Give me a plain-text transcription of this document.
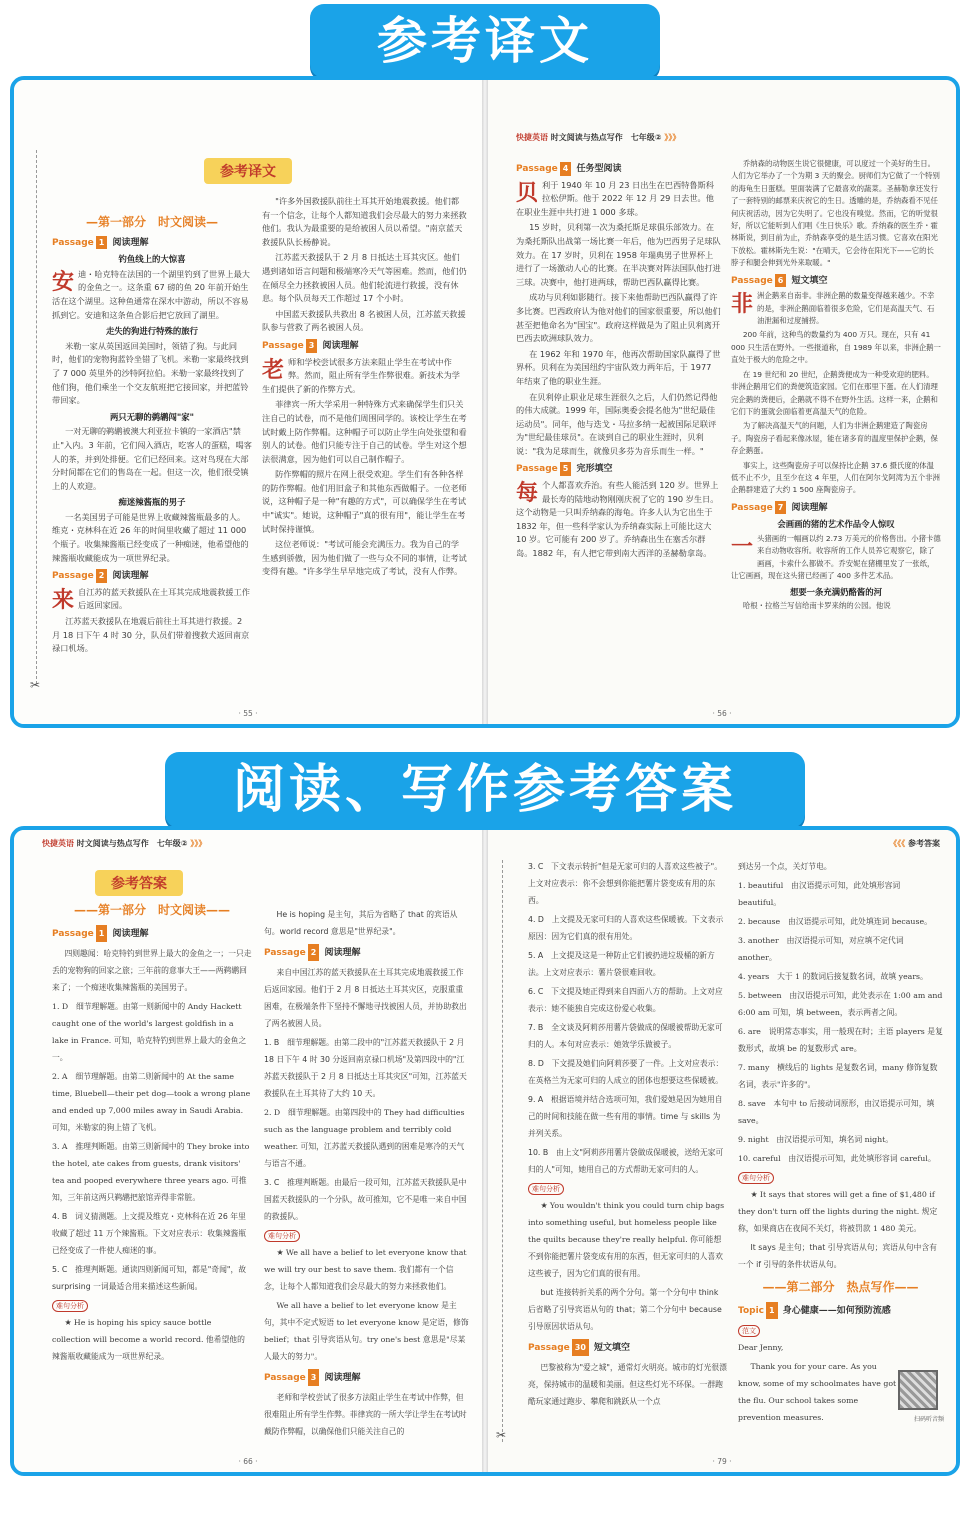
参考译文
✂
参考译文
—第一部分　时文阅读—
Passage 1 阅读理解
钓鱼线上的大惊喜

安迪・哈克特在法国的一个湖里钓到了世界上最大的金鱼之一。这条重 67 磅的鱼 20 年前开始生活在这个湖里。这种鱼通常在深水中游动，所以不容易抓到它。安迪和这条鱼合影后把它放回了湖里。

走失的狗进行特殊的旅行

米勒一家从英国返回美国时，领错了狗。与此同时，他们的宠物狗蓝铃坐错了飞机。米勒一家最终找到了 7 000 英里外的沙特阿拉伯。米勒一家最终找到了他们狗，他们乘坐一个交友航班把它接回家，并把蓝铃带回家。

两只无聊的鹈鹕闯"家"

一对无聊的鹈鹕被澳大利亚拉卡镇的一家酒店"禁止"入内。3 年前，它们闯入酒店，吃客人的蛋糕，喝客人的茶，并到处排便。它们已经回来。这对鸟现在大部分时间都在它们的售岛在一起。但这一次，他们很受镇上的人欢迎。

痴迷辣酱瓶的男子

一名美国男子可能是世界上收藏辣酱瓶最多的人。维克・克林科在近 26 年的时间里收藏了超过 11 000 个瓶子。收集辣酱瓶已经变成了一种痴迷，他希望他的辣酱瓶收藏能成为一项世界纪录。

Passage 2 阅读理解

来自江苏的蓝天救援队在土耳其完成地震救援工作后返回家园。

江苏蓝天救援队在地震后前往土耳其进行救援。2 月 18 日下午 4 时 30 分，队员们带着搜救犬返回南京禄口机场。

"许多外国救援队前往土耳其开始地震救援。他们都有一个信念，让每个人都知道我们会尽最大的努力来拯救他们。我认为最重要的是给被困人员以希望。"南京蓝天救援队队长杨静说。

江苏蓝天救援队于 2 月 8 日抵达土耳其灾区。他们遇到诸如语言问题和极端寒冷天气等困难。然而，他们仍在倾尽全力拯救被困人员。他们轮流进行救援，没有休息。每个队员每天工作超过 17 个小时。

中国蓝天救援队共救出 8 名被困人员，江苏蓝天救援队参与营救了两名被困人员。

Passage 3 阅读理解

老师和学校尝试很多方法来阻止学生在考试中作弊。然而，阻止所有学生作弊很难。新技术为学生们提供了新的作弊方式。

菲律宾一所大学采用一种特殊方式来确保学生们只关注自己的试卷，而不是他们周围同学的。该校让学生在考试时戴上防作弊帽。这种帽子可以防止学生向处张望和看别人的试卷。他们只能专注于自己的试卷。学生对这个想法很满意，因为他们可以自己制作帽子。

防作弊帽的照片在网上很受欢迎。学生们有各种各样的防作弊帽。他们用旧盒子和其他东西做帽子。一位老师说，这种帽子是一种"有趣的方式"，可以确保学生在考试中"诚实"。她说，这种帽子"真的很有用"，能让学生在考试时保持谨慎。

这位老师说："考试可能会充满压力。我为自己的学生感到骄傲，因为他们做了一些与众不同的事情，让考试变得有趣。"许多学生早早地完成了考试，没有人作弊。

· 55 ·
快捷英语 时文阅读与热点写作　七年级② 》》》
Passage 4 任务型阅读

贝利于 1940 年 10 月 23 日出生在巴西特鲁斯科拉松伊斯。他于 2022 年 12 月 29 日去世。他在职业生涯中共打进 1 000 多球。

15 岁时，贝利第一次为桑托斯足球俱乐部效力。在为桑托斯队出战第一场比赛一年后，他为巴西男子足球队效力。在 17 岁时，贝利在 1958 年瑞典男子世界杯上进行了一场激动人心的比赛。在半决赛对阵法国队他打进三球。决赛中，他打进两球，帮助巴西队赢得比赛。

成功与贝利如影随行。接下来他帮助巴西队赢得了许多比赛。巴西政府认为他对他们的国家很重要，所以他们甚至把他命名为"国宝"。政府这样做是为了阻止贝利离开巴西去欧洲球队效力。

在 1962 年和 1970 年，他再次帮助国家队赢得了世界杯。贝利在为美国纽约宇宙队效力两年后，于 1977 年结束了他的职业生涯。

在贝利停止职业足球生涯很久之后，人们仍然记得他的伟大成就。1999 年，国际奥委会提名他为"世纪最佳运动员"。同年，他与迭戈・马拉多纳一起被国际足联评为"世纪最佳球员"。在谈到自己的职业生涯时，贝利说："我为足球而生，就像贝多芬为音乐而生一样。"

Passage 5 完形填空

每个人都喜欢乔治。有些人能活到 120 岁。世界上最长寿的陆地动物刚刚庆祝了它的 190 岁生日。这个动物是一只叫乔纳森的海龟。许多人认为它出生于 1832 年，但一些科学家认为乔纳森实际上可能比这大 10 岁。它可能有 200 岁了。乔纳森出生在塞舌尔群岛。1882 年，有人把它带到南大西洋的圣赫勒拿岛。

乔纳森的动物医生说它很健康，可以度过一个美好的生日。人们为它举办了一个为期 3 天的聚会。厨师们为它做了一个特别的海龟生日蛋糕。里面装满了它最喜欢的蔬菜。圣赫勒拿还发行了一套特别的邮票来庆祝它的生日。透雕的是，乔纳森看不见任何庆祝活动，因为它失明了。它也没有嗅觉。然而，它的听觉很好，所以它能听到人们唱《生日快乐》歌。乔纳森的医生乔・霍林斯说，到目前为止，乔纳森享受的是生活习惯。它喜欢在阳光下放松。霍林斯先生说："在晴天，它会待在阳光下——它的长脖子和腿会伸到光外来取暖。"

Passage 6 短文填空

非洲企鹅来自南非。非洲企鹅的数量变得越来越少。不幸的是，非洲企鹅面临着很多危险，它们是高温天气、石油泄漏和过度捕捞。

200 年前，这种鸟的数量约为 400 万只。现在，只有 41 000 只生活在野外。一些报道称，自 1989 年以来，非洲企鹅一直处于极大的危险之中。

在 19 世纪和 20 世纪，企鹅粪便成为一种受欢迎的肥料。非洲企鹅用它们的粪便筑造家园。它们在那里下蛋。在人们清理完企鹅的粪便后，企鹅就不得不在野外生活。这样一来，企鹅和它们下的蛋就会面临着更高温天气的危险。

为了解决高温天气的问题，人们为非洲企鹅建造了陶瓷房子。陶瓷房子看起来像冰屋，能在诸多育的温度里保护企鹅，保存企鹅蛋。

事实上，这些陶瓷房子可以保持比企鹅 37.6 摄氏度的体温低不止不少，且至少在这 4 年里，人们在阿尔戈阿湾为五个非洲企鹅群建造了大约 1 500 座陶瓷房子。

Passage 7 阅读理解
会画画的猪的艺术作品令人惊叹

一头猪画的一幅画以约 2.73 万美元的价格售出。小猪卡德来自动物收容所。收容所的工作人员养它观察它，除了画画，卡索什么都做不。乔安妮在猪棚里发了一张纸，让它画画，现在这头猪已经画了 400 多件艺术品。

想要一条充满奶酪酱的河

哈根・拉格兰写信给南卡罗来纳的公园。他说

· 56 ·
阅读、写作参考答案
快捷英语 时文阅读与热点写作　七年级② 》》》
参考答案
——第一部分　时文阅读——
Passage 1 阅读理解

四则趣闻：哈克特钓到世界上最大的金鱼之一；一只走丢的宠物狗的回家之旅；三年前的意事大王——两鹈鹕回来了；一个痴迷收集辣酱瓶的美国男子。

1. D　细节理解题。由第一则新闻中的 Andy Hackett caught one of the world's largest goldfish in a lake in France. 可知，哈克特钓到世界上最大的金鱼之一。

2. A　细节理解题。由第二则新闻中的 At the same time, Bluebell—their pet dog—took a wrong plane and ended up 7,000 miles away in Saudi Arabia. 可知，米勒家的狗上错了飞机。

3. A　推理判断题。由第三则新闻中的 They broke into the hotel, ate cakes from guests, drank visitors' tea and pooped everywhere three years ago. 可推知，三年前这两只鹈鹕把旅馆弄得非常脏。

4. B　词义猜测题。上文提及维克・克林科在近 26 年里收藏了超过 11 万个辣酱瓶。下文对应表示：收集辣酱瓶已经变成了一件使人痴迷的事。

5. C　推理判断题。通读四则新闻可知，都是"奇闻"，故 surprising 一词最适合用来描述这些新闻。

难句分析

★ He is hoping his spicy sauce bottle collection will become a world record. 他希望他的辣酱瓶收藏能成为一项世界纪录。

He is hoping 是主句，其后为省略了 that 的宾语从句。world record 意思是"世界纪录"。

Passage 2 阅读理解

来自中国江苏的蓝天救援队在土耳其完成地震救援工作后返回家园。他们于 2 月 8 日抵达土耳其灾区，克服重重困难，在极端条件下坚持不懈地寻找被困人员，并协助救出了两名被困人员。

1. B　细节理解题。由第二段中的"江苏蓝天救援队于 2 月 18 日下午 4 时 30 分返回南京禄口机场"及第四段中的"江苏蓝天救援队于 2 月 8 日抵达土耳其灾区"可知，江苏蓝天救援队在土耳其待了大约 10 天。

2. D　细节理解题。由第四段中的 They had difficulties such as the language problem and terribly cold weather. 可知，江苏蓝天救援队遇到的困难是寒冷的天气与语言不通。

3. C　推理判断题。由最后一段可知，江苏蓝天救援队是中国蓝天救援队的一个分队，故可推知，它不是唯一来自中国的救援队。

难句分析

★ We all have a belief to let everyone know that we will try our best to save them. 我们都有一个信念，让每个人都知道我们会尽最大的努力来拯救他们。

We all have a belief to let everyone know 是主句，其中不定式短语 to let everyone know 是定语，修饰 belief；that 引导宾语从句。try one's best 意思是"尽某人最大的努力"。

Passage 3 阅读理解

老师和学校尝试了很多方法阻止学生在考试中作弊，但很难阻止所有学生作弊。菲律宾的一所大学让学生在考试时戴防作弊帽，以确保他们只能关注自己的

· 66 ·
✂
《《《 参考答案

3. C　下文表示转折"但是无家可归的人喜欢这些被子"。上文对应表示：你不会想到你能把薯片袋变成有用的东西。

4. D　上文提及无家可归的人喜欢这些保暖被。下文表示原因：因为它们真的很有用处。

5. A　上文提及这是一种防止它们被扔进垃圾桶的新方法。上文对应表示：薯片袋很难回收。

6. C　下文提及她正得到来自四面八方的帮助。上文对应表示：她不能独自完成这份爱心收集。

7. B　全文谈及阿莉莎用薯片袋做成的保暖被帮助无家可归的人。本句对应表示：她效学乐做被子。

8. D　下文提及她们向阿莉莎要了一件。上文对应表示：在英格兰为无家可归的人成立的团体也想要这些保暖被。

9. A　根据语境并结合选项可知，我们爱她是因为她用自己的时间和技能在做一些有用的事情。time 与 skills 为并列关系。

10. B　由上文"阿莉莎用薯片袋做成保暖被，送给无家可归的人"可知，她用自己的方式帮助无家可归的人。

难句分析

★ You wouldn't think you could turn chip bags into something useful, but homeless people like the quilts because they're really helpful. 你可能想不到你能把薯片袋变成有用的东西，但无家可归的人喜欢这些被子，因为它们真的很有用。

but 连接转折关系的两个分句。第一个分句中 think 后省略了引导宾语从句的 that；第二个分句中 because 引导原因状语从句。

Passage 30 短文填空

巴黎被称为"爱之城"，通常灯火明亮。城市的灯光很漂亮，保持城市的温暖和美丽。但这些灯光不环保。一群跑酷玩家通过跑步、攀爬和跳跃从一个点

到达另一个点，关灯节电。

1. beautiful　由汉语提示可知，此处填形容词 beautiful。

2. because　由汉语提示可知，此处填连词 because。

3. another　由汉语提示可知，对应填不定代词 another。

4. years　大于 1 的数词后接复数名词，故填 years。

5. between　由汉语提示可知，此处表示在 1:00 am and 6:00 am 可知，填 between，表示两者之间。

6. are　说明常态事实，用一般现在时；主语 players 是复数形式，故填 be 的复数形式 are。

7. many　横线后的 lights 是复数名词，many 修饰复数名词，表示"许多的"。

8. save　本句中 to 后接动词原形，由汉语提示可知，填 save。

9. night　由汉语提示可知，填名词 night。

10. careful　由汉语提示可知，此处填形容词 careful。

难句分析

★ It says that stores will get a fine of $1,480 if they don't turn off the lights during the night. 规定称，如果商店在夜间不关灯，将被罚款 1 480 美元。

It says 是主句；that 引导宾语从句；宾语从句中含有一个 if 引导的条件状语从句。

——第二部分　热点写作——
Topic 1 身心健康——如何预防流感
范文

Dear Jenny,

Thank you for your care. As you know, some of my schoolmates have got the flu. Our school takes some prevention measures.	扫码听音频
· 79 ·
